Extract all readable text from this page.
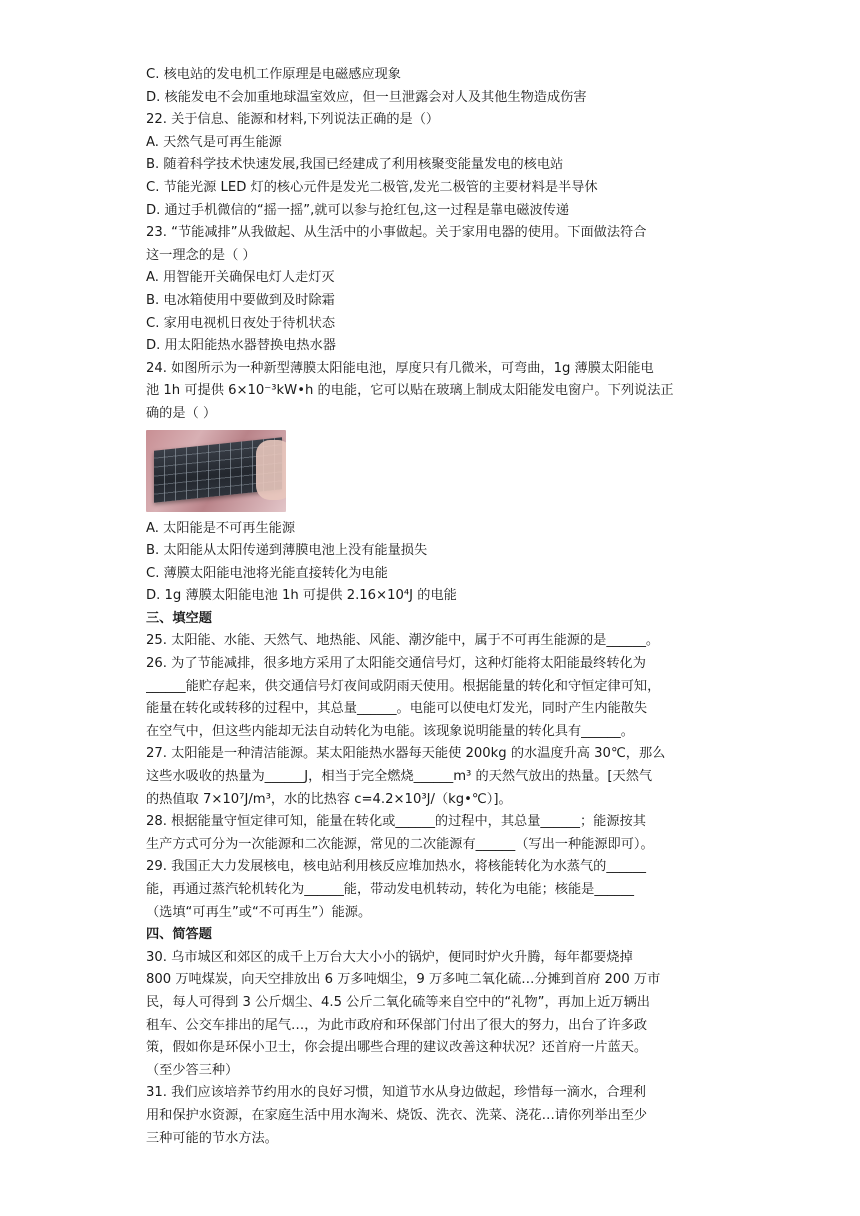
C. 核电站的发电机工作原理是电磁感应现象
D. 核能发电不会加重地球温室效应，但一旦泄露会对人及其他生物造成伤害
22. 关于信息、能源和材料,下列说法正确的是（）
A. 天然气是可再生能源
B. 随着科学技术快速发展,我国已经建成了利用核聚变能量发电的核电站
C. 节能光源 LED 灯的核心元件是发光二极管,发光二极管的主要材料是半导休
D. 通过手机微信的“摇一摇”,就可以参与抢红包,这一过程是靠电磁波传递
23. “节能减排”从我做起、从生活中的小事做起。关于家用电器的使用。下面做法符合
这一理念的是（ ）
A. 用智能开关确保电灯人走灯灭
B. 电冰箱使用中要做到及时除霜
C. 家用电视机日夜处于待机状态
D. 用太阳能热水器替换电热水器
24. 如图所示为一种新型薄膜太阳能电池，厚度只有几微米，可弯曲，1g 薄膜太阳能电
池 1h 可提供 6×10⁻³kW•h 的电能，它可以贴在玻璃上制成太阳能发电窗户。下列说法正
确的是（ ）
A. 太阳能是不可再生能源
B. 太阳能从太阳传递到薄膜电池上没有能量损失
C. 薄膜太阳能电池将光能直接转化为电能
D. 1g 薄膜太阳能电池 1h 可提供 2.16×10⁴J 的电能
三、填空题
25. 太阳能、水能、天然气、地热能、风能、潮汐能中，属于不可再生能源的是______。
26. 为了节能减排，很多地方采用了太阳能交通信号灯，这种灯能将太阳能最终转化为
______能贮存起来，供交通信号灯夜间或阴雨天使用。根据能量的转化和守恒定律可知，
能量在转化或转移的过程中，其总量______。电能可以使电灯发光，同时产生内能散失
在空气中，但这些内能却无法自动转化为电能。该现象说明能量的转化具有______。
27. 太阳能是一种清洁能源。某太阳能热水器每天能使 200kg 的水温度升高 30℃，那么
这些水吸收的热量为______J，相当于完全燃烧______m³ 的天然气放出的热量。[天然气
的热值取 7×10⁷J/m³，水的比热容 c=4.2×10³J/（kg•℃）]。
28. 根据能量守恒定律可知，能量在转化或______的过程中，其总量______；能源按其
生产方式可分为一次能源和二次能源，常见的二次能源有______（写出一种能源即可）。
29. 我国正大力发展核电，核电站利用核反应堆加热水，将核能转化为水蒸气的______
能，再通过蒸汽轮机转化为______能，带动发电机转动，转化为电能；核能是______
（选填“可再生”或“不可再生”）能源。
四、简答题
30. 乌市城区和郊区的成千上万台大大小小的锅炉，便同时炉火升腾，每年都要烧掉
800 万吨煤炭，向天空排放出 6 万多吨烟尘，9 万多吨二氧化硫…分摊到首府 200 万市
民，每人可得到 3 公斤烟尘、4.5 公斤二氧化硫等来自空中的“礼物”，再加上近万辆出
租车、公交车排出的尾气…，为此市政府和环保部门付出了很大的努力，出台了许多政
策，假如你是环保小卫士，你会提出哪些合理的建议改善这种状况？还首府一片蓝天。
（至少答三种）
31. 我们应该培养节约用水的良好习惯，知道节水从身边做起，珍惜每一滴水，合理利
用和保护水资源，在家庭生活中用水淘米、烧饭、洗衣、洗菜、浇花…请你列举出至少
三种可能的节水方法。
